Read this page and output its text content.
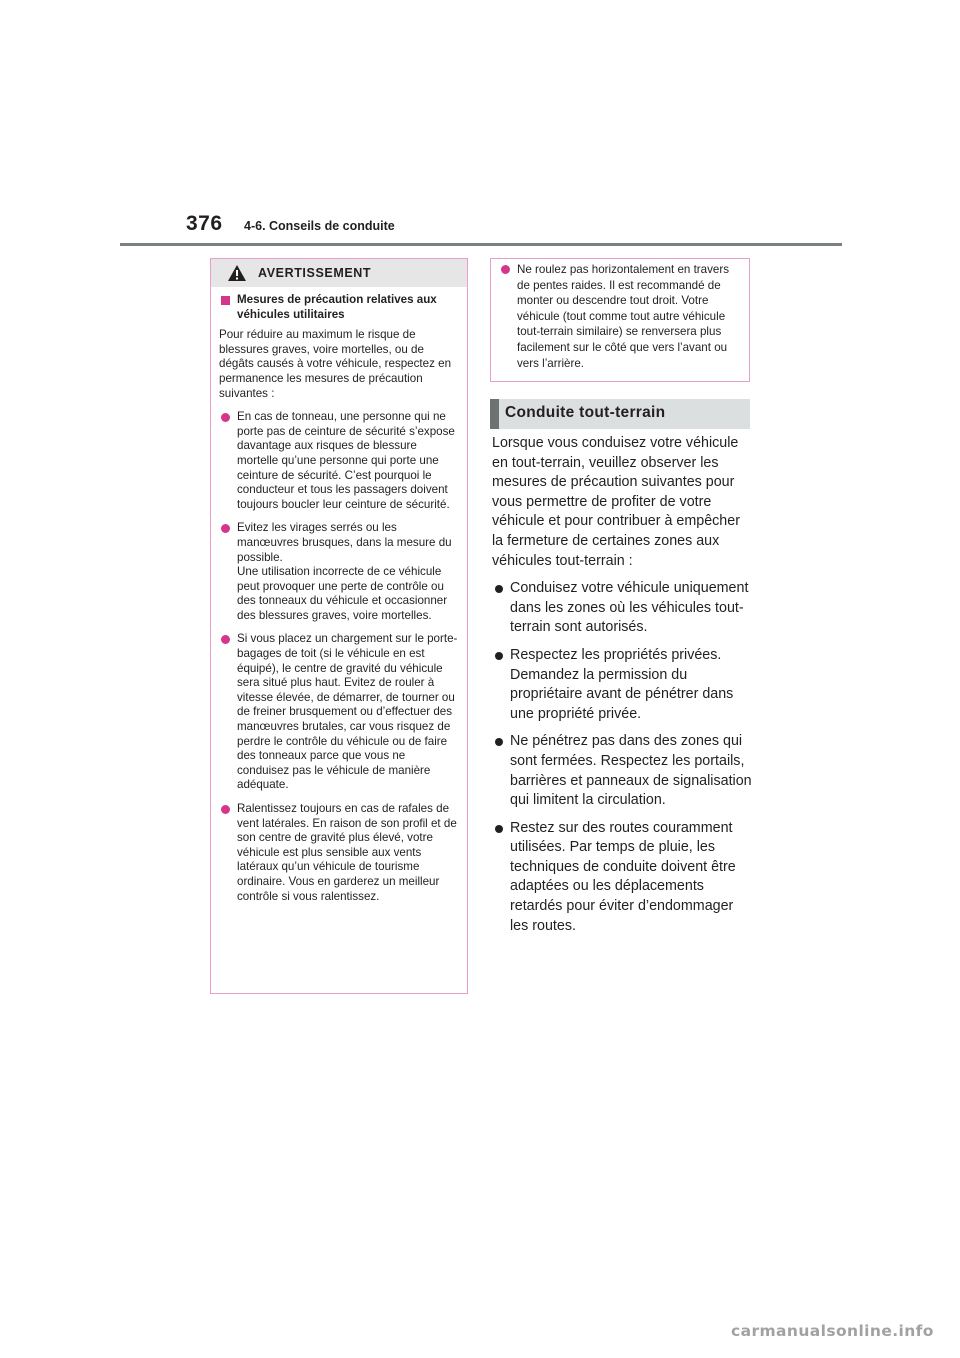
376 4-6. Conseils de conduite
AVERTISSEMENT
Mesures de précaution relatives aux véhicules utilitaires
Pour réduire au maximum le risque de blessures graves, voire mortelles, ou de dégâts causés à votre véhicule, respectez en permanence les mesures de précaution suivantes :
En cas de tonneau, une personne qui ne porte pas de ceinture de sécurité s’expose davantage aux risques de blessure mortelle qu’une personne qui porte une ceinture de sécurité. C’est pourquoi le conducteur et tous les passagers doivent toujours boucler leur ceinture de sécurité.
Evitez les virages serrés ou les manœuvres brusques, dans la mesure du possible.
Une utilisation incorrecte de ce véhicule peut provoquer une perte de contrôle ou des tonneaux du véhicule et occasionner des blessures graves, voire mortelles.
Si vous placez un chargement sur le porte-bagages de toit (si le véhicule en est équipé), le centre de gravité du véhicule sera situé plus haut. Evitez de rouler à vitesse élevée, de démarrer, de tourner ou de freiner brusquement ou d’effectuer des manœuvres brutales, car vous risquez de perdre le contrôle du véhicule ou de faire des tonneaux parce que vous ne conduisez pas le véhicule de manière adéquate.
Ralentissez toujours en cas de rafales de vent latérales. En raison de son profil et de son centre de gravité plus élevé, votre véhicule est plus sensible aux vents latéraux qu’un véhicule de tourisme ordinaire. Vous en garderez un meilleur contrôle si vous ralentissez.
Ne roulez pas horizontalement en travers de pentes raides. Il est recommandé de monter ou descendre tout droit. Votre véhicule (tout comme tout autre véhicule tout-terrain similaire) se renversera plus facilement sur le côté que vers l’avant ou vers l’arrière.
Conduite tout-terrain
Lorsque vous conduisez votre véhicule en tout-terrain, veuillez observer les mesures de précaution suivantes pour vous permettre de profiter de votre véhicule et pour contribuer à empêcher la fermeture de certaines zones aux véhicules tout-terrain :
Conduisez votre véhicule uniquement dans les zones où les véhicules tout-terrain sont autorisés.
Respectez les propriétés privées. Demandez la permission du propriétaire avant de pénétrer dans une propriété privée.
Ne pénétrez pas dans des zones qui sont fermées. Respectez les portails, barrières et panneaux de signalisation qui limitent la circulation.
Restez sur des routes couramment utilisées. Par temps de pluie, les techniques de conduite doivent être adaptées ou les déplacements retardés pour éviter d’endommager les routes.
carmanualsonline.info
